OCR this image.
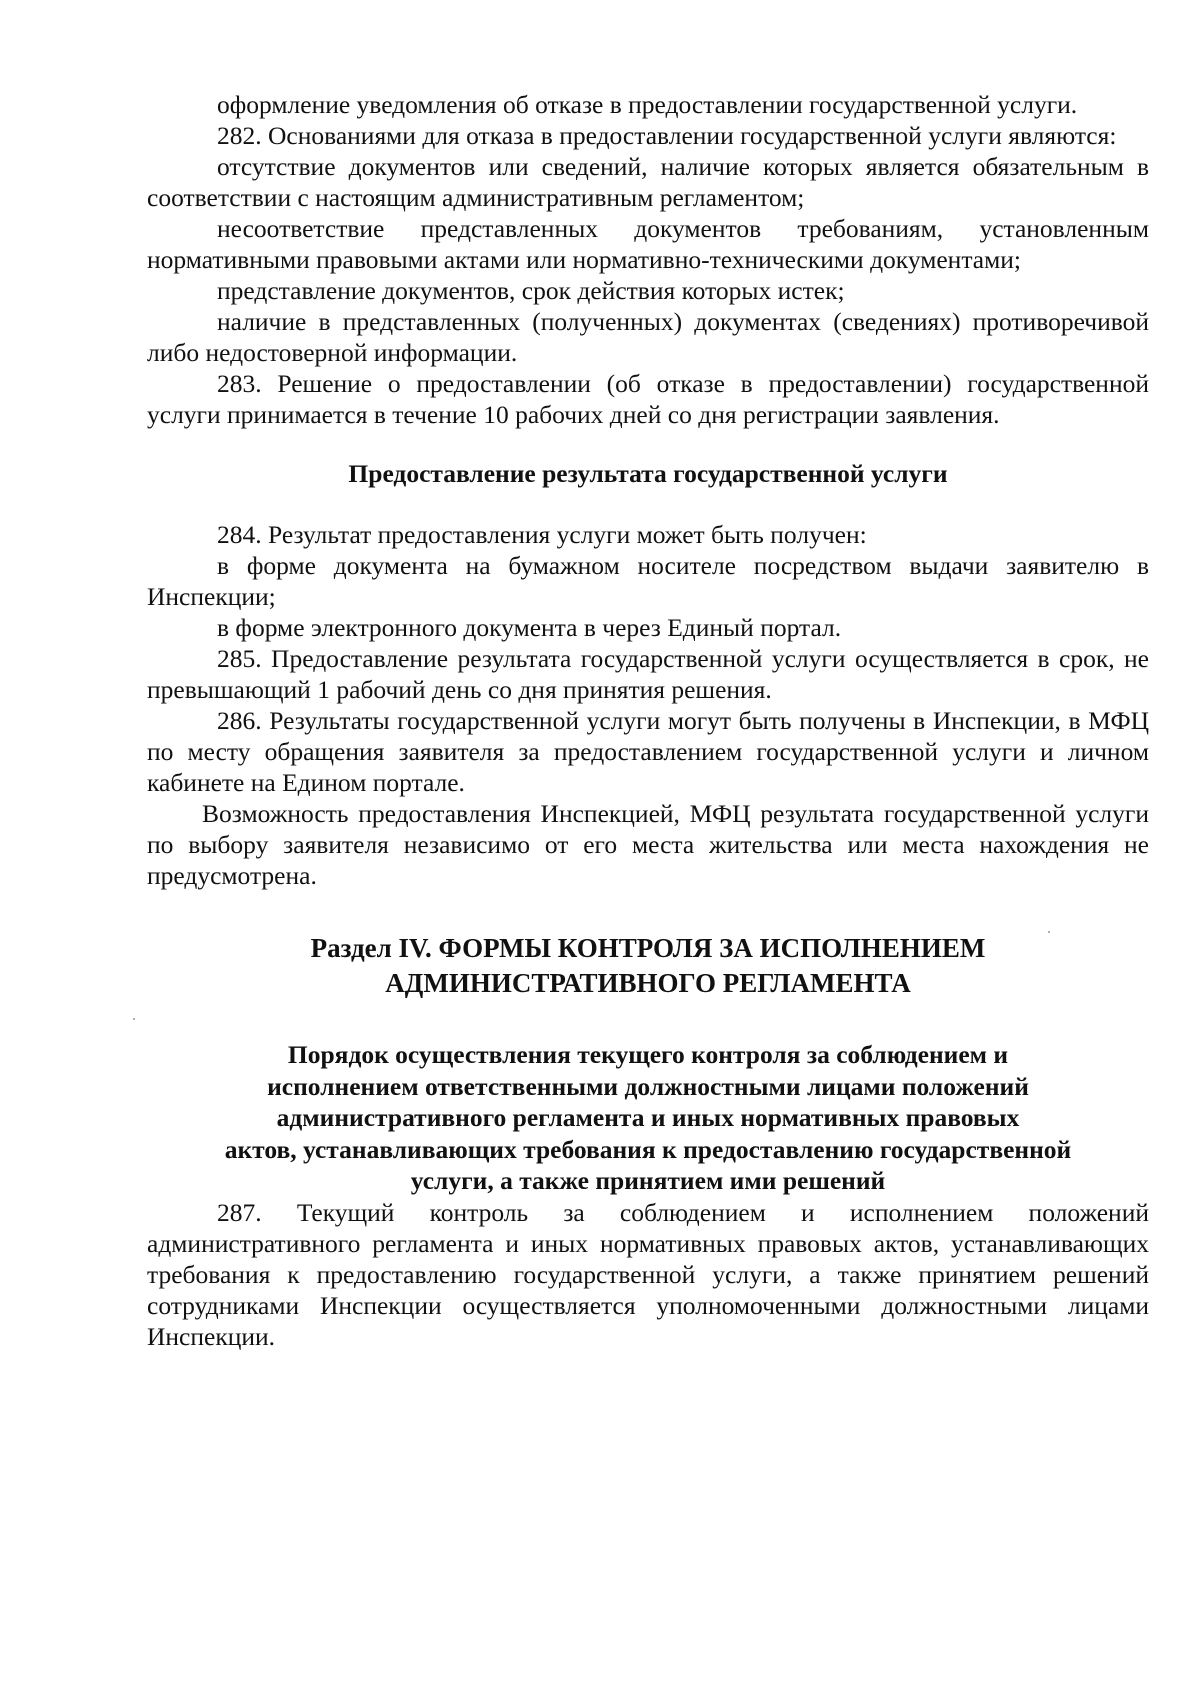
оформление уведомления об отказе в предоставлении государственной услуги.

282. Основаниями для отказа в предоставлении государственной услуги являются:

отсутствие документов или сведений, наличие которых является обязательным в соответствии с настоящим административным регламентом;

несоответствие представленных документов требованиям, установленным нормативными правовыми актами или нормативно-техническими документами;

представление документов, срок действия которых истек;

наличие в представленных (полученных) документах (сведениях) противоречивой либо недостоверной информации.

283. Решение о предоставлении (об отказе в предоставлении) государственной услуги принимается в течение 10 рабочих дней со дня регистрации заявления.

Предоставление результата государственной услуги

284. Результат предоставления услуги может быть получен:

в форме документа на бумажном носителе посредством выдачи заявителю в Инспекции;

в форме электронного документа в через Единый портал.

285. Предоставление результата государственной услуги осуществляется в срок, не превышающий 1 рабочий день со дня принятия решения.

286. Результаты государственной услуги могут быть получены в Инспекции, в МФЦ по месту обращения заявителя за предоставлением государственной услуги и личном кабинете на Едином портале.

Возможность предоставления Инспекцией, МФЦ результата государственной услуги по выбору заявителя независимо от его места жительства или места нахождения не предусмотрена.

Раздел IV. ФОРМЫ КОНТРОЛЯ ЗА ИСПОЛНЕНИЕМ
АДМИНИСТРАТИВНОГО РЕГЛАМЕНТА
Порядок осуществления текущего контроля за соблюдением и
исполнением ответственными должностными лицами положений
административного регламента и иных нормативных правовых
актов, устанавливающих требования к предоставлению государственной
услуги, а также принятием ими решений

287. Текущий контроль за соблюдением и исполнением положений административного регламента и иных нормативных правовых актов, устанавливающих требования к предоставлению государственной услуги, а также принятием решений сотрудниками Инспекции осуществляется уполномоченными должностными лицами Инспекции.
